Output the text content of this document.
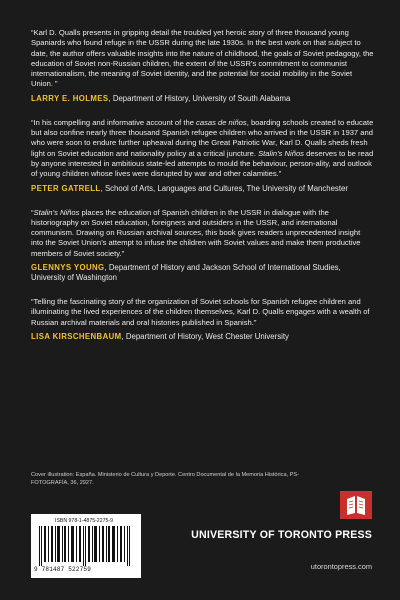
“Karl D. Qualls presents in gripping detail the troubled yet heroic story of three thousand young Spaniards who found refuge in the USSR during the late 1930s. In the best work on that subject to date, the author offers valuable insights into the nature of childhood, the goals of Soviet pedagogy, the education of Soviet non-Russian children, the extent of the USSR’s commitment to communist internationalism, the meaning of Soviet identity, and the potential for social mobility in the Soviet Union. ”

LARRY E. HOLMES, Department of History, University of South Alabama

“In his compelling and informative account of the casas de niños, boarding schools created to educate but also confine nearly three thousand Spanish refugee children who arrived in the USSR in 1937 and who were soon to endure further upheaval during the Great Patriotic War, Karl D. Qualls sheds fresh light on Soviet education and nationality policy at a critical juncture. Stalin’s Niños deserves to be read by anyone interested in ambitious state-led attempts to mould the behaviour, person-ality, and outlook of young children whose lives were disrupted by war and other calamities.”

PETER GATRELL, School of Arts, Languages and Cultures, The University of Manchester

“Stalin’s Niños places the education of Spanish children in the USSR in dialogue with the historiography on Soviet education, foreigners and outsiders in the USSR, and international communism. Drawing on Russian archival sources, this book gives readers unprecedented insight into the Soviet Union’s attempt to infuse the children with Soviet values and make them productive members of Soviet society.”

GLENNYS YOUNG, Department of History and Jackson School of International Studies, University of Washington

“Telling the fascinating story of the organization of Soviet schools for Spanish refugee children and illuminating the lived experiences of the children themselves, Karl D. Qualls engages with a wealth of Russian archival materials and oral histories published in Spanish.”

LISA KIRSCHENBAUM, Department of History, West Chester University

Cover illustration: España. Ministerio de Cultura y Deporte. Centro Documental de la Memoria Histórica, PS-FOTOGRAFÍA, 36, 2927.

ISBN 978-1-4875-2275-9
9 781487 522759
UNIVERSITY OF TORONTO PRESS
utorontopress.com
